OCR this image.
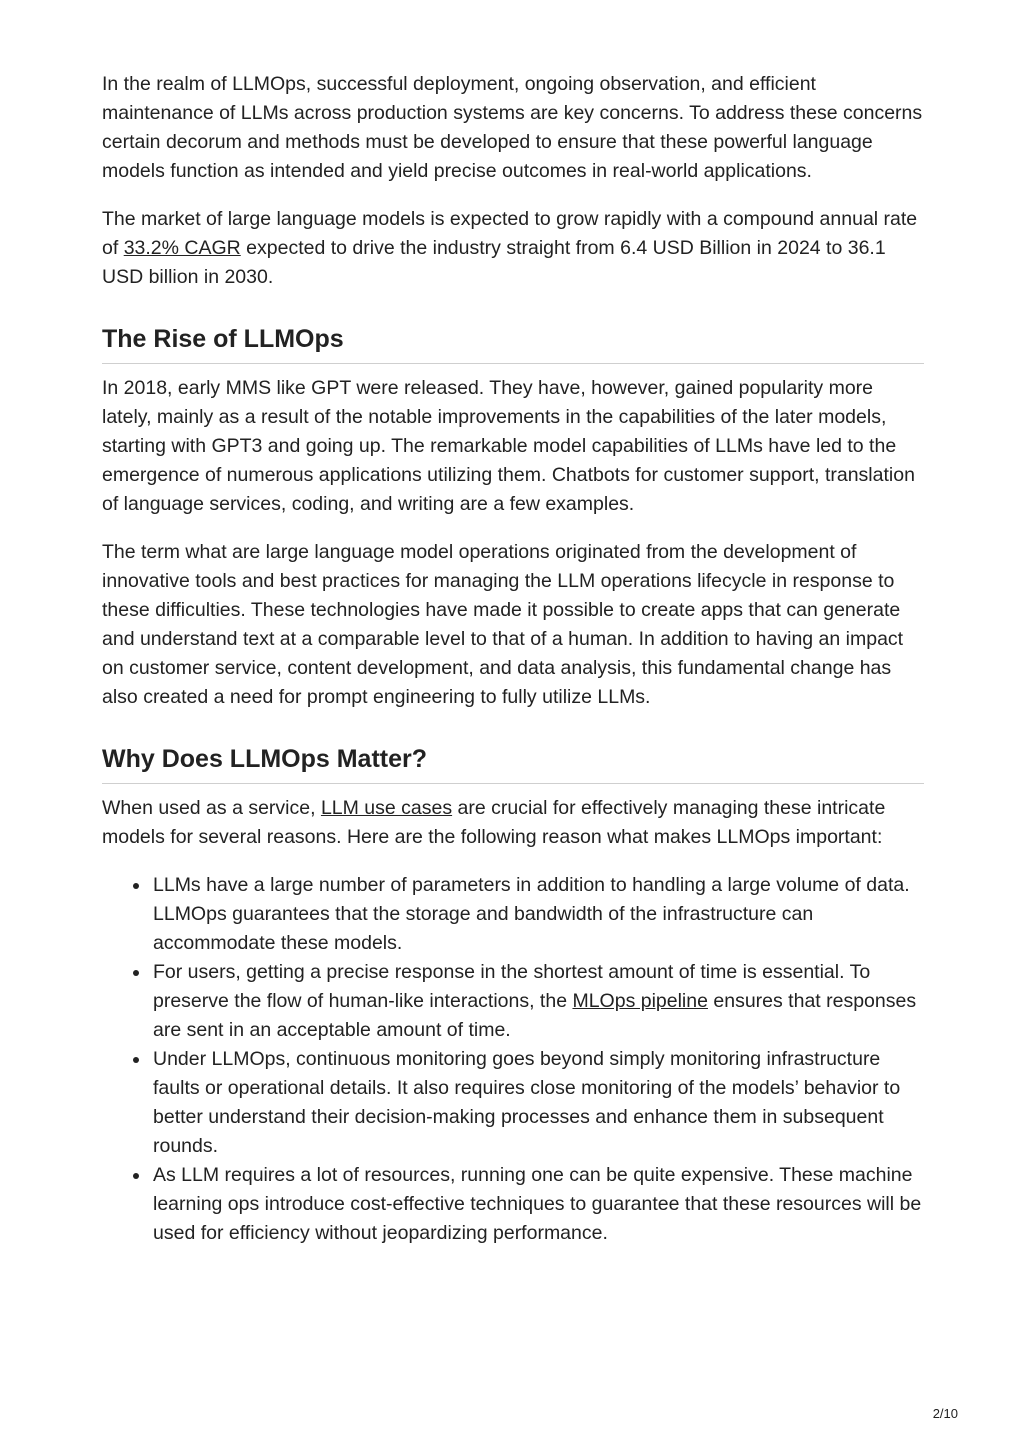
In the realm of LLMOps, successful deployment, ongoing observation, and efficient maintenance of LLMs across production systems are key concerns. To address these concerns certain decorum and methods must be developed to ensure that these powerful language models function as intended and yield precise outcomes in real-world applications.

The market of large language models is expected to grow rapidly with a compound annual rate of 33.2% CAGR expected to drive the industry straight from 6.4 USD Billion in 2024 to 36.1 USD billion in 2030.

The Rise of LLMOps

In 2018, early MMS like GPT were released. They have, however, gained popularity more lately, mainly as a result of the notable improvements in the capabilities of the later models, starting with GPT3 and going up. The remarkable model capabilities of LLMs have led to the emergence of numerous applications utilizing them. Chatbots for customer support, translation of language services, coding, and writing are a few examples.

The term what are large language model operations originated from the development of innovative tools and best practices for managing the LLM operations lifecycle in response to these difficulties. These technologies have made it possible to create apps that can generate and understand text at a comparable level to that of a human. In addition to having an impact on customer service, content development, and data analysis, this fundamental change has also created a need for prompt engineering to fully utilize LLMs.

Why Does LLMOps Matter?

When used as a service, LLM use cases are crucial for effectively managing these intricate models for several reasons. Here are the following reason what makes LLMOps important:

LLMs have a large number of parameters in addition to handling a large volume of data. LLMOps guarantees that the storage and bandwidth of the infrastructure can accommodate these models.
For users, getting a precise response in the shortest amount of time is essential. To preserve the flow of human-like interactions, the MLOps pipeline ensures that responses are sent in an acceptable amount of time.
Under LLMOps, continuous monitoring goes beyond simply monitoring infrastructure faults or operational details. It also requires close monitoring of the models’ behavior to better understand their decision-making processes and enhance them in subsequent rounds.
As LLM requires a lot of resources, running one can be quite expensive. These machine learning ops introduce cost-effective techniques to guarantee that these resources will be used for efficiency without jeopardizing performance.
2/10
